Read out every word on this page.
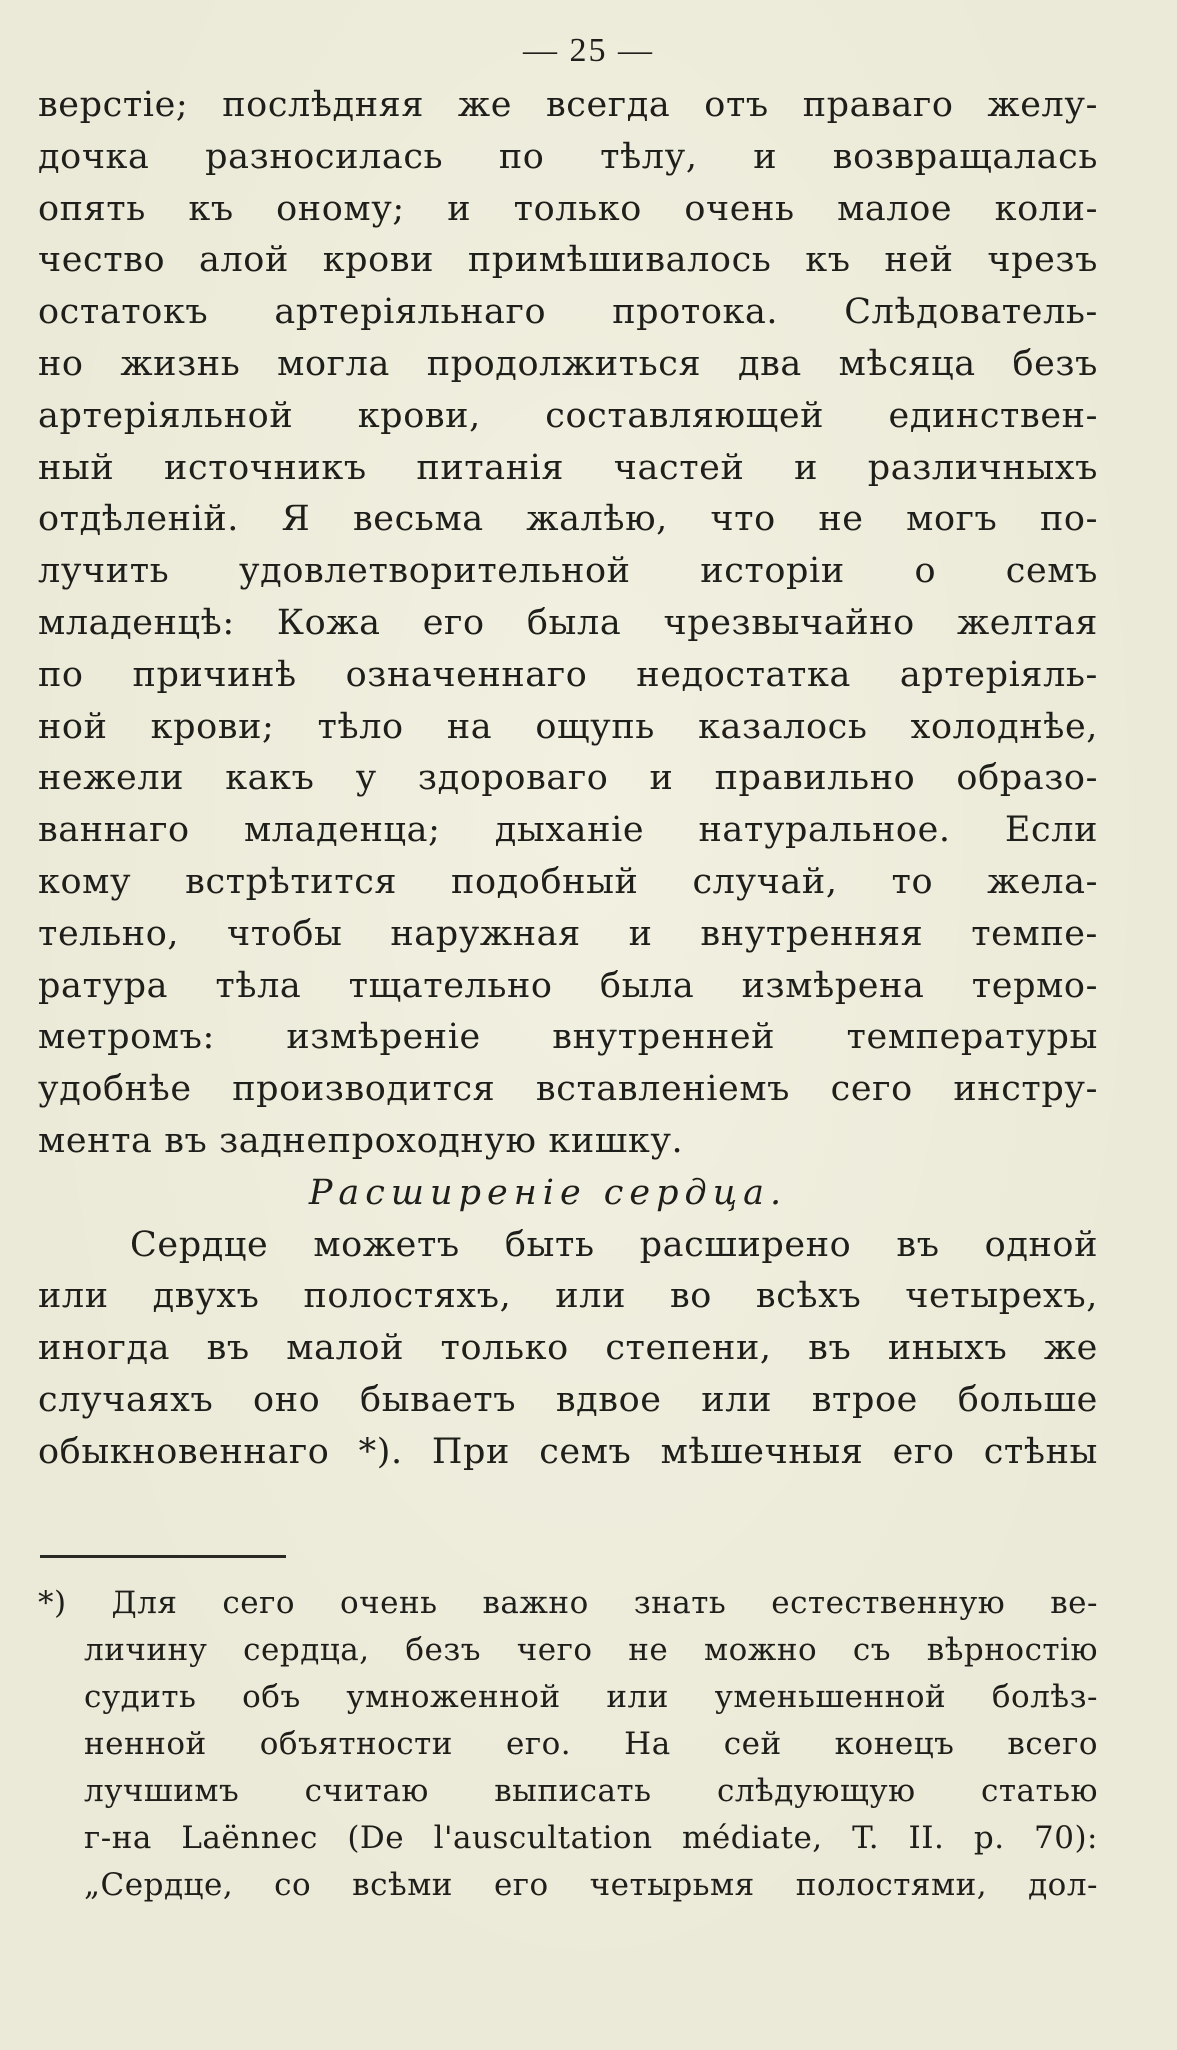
— 25 —
верстіе; послѣдняя же всегда отъ праваго желу-
дочка разносилась по тѣлу, и возвращалась
опять къ оному; и только очень малое коли-
чество алой крови примѣшивалось къ ней чрезъ
остатокъ артеріяльнаго протока. Слѣдователь-
но жизнь могла продолжиться два мѣсяца безъ
артеріяльной крови, составляющей единствен-
ный источникъ питанія частей и различныхъ
отдѣленій. Я весьма жалѣю, что не могъ по-
лучить удовлетворительной исторіи о семъ
младенцѣ: Кожа его была чрезвычайно желтая
по причинѣ означеннаго недостатка артеріяль-
ной крови; тѣло на ощупь казалось холоднѣе,
нежели какъ у здороваго и правильно образо-
ваннаго младенца; дыханіе натуральное. Если
кому встрѣтится подобный случай, то жела-
тельно, чтобы наружная и внутренняя темпе-
ратура тѣла тщательно была измѣрена термо-
метромъ: измѣреніе внутренней температуры
удобнѣе производится вставленіемъ сего инстру-
мента въ заднепроходную кишку.
Расширеніе сердца.
Сердце можетъ быть расширено въ одной
или двухъ полостяхъ, или во всѣхъ четырехъ,
иногда въ малой только степени, въ иныхъ же
случаяхъ оно бываетъ вдвое или втрое больше
обыкновеннаго *). При семъ мѣшечныя его стѣны
*) Для сего очень важно знать естественную ве-
личину сердца, безъ чего не можно съ вѣрностію
судить объ умноженной или уменьшенной болѣз-
ненной объятности его. На сей конецъ всего
лучшимъ считаю выписать слѣдующую статью
г-на Laënnec (De l'auscultation médiate, T. II. p. 70):
„Сердце, со всѣми его четырьмя полостями, дол-
